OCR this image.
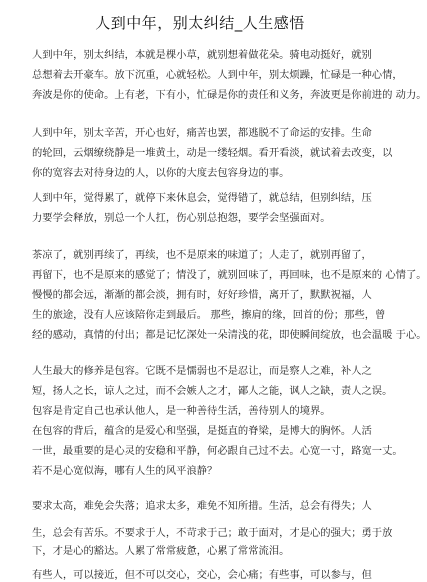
人到中年，别太纠结_人生感悟
人到中年，别太纠结，本就是棵小草，就别想着做花朵。骑电动挺好，就别
总想着去开豪车。放下沉重，心就轻松。人到中年，别太烦躁，忙碌是一种心情，
奔波是你的使命。上有老，下有小，忙碌是你的责任和义务，奔波更是你前进的 动力。
人到中年，别太辛苦，开心也好，痛苦也罢，都逃脱不了命运的安排。生命
的轮回，云烟缭绕静是一堆黄土，动是一缕轻烟。看开看淡，就试着去改变，以
你的宽容去对待身边的人，以你的大度去包容身边的事。
人到中年，觉得累了，就停下来休息会，觉得错了，就总结，但别纠结，压
力要学会释放，别总一个人扛，伤心别总抱怨，要学会坚强面对。
茶凉了，就别再续了，再续，也不是原来的味道了；人走了，就别再留了，
再留下，也不是原来的感觉了；情没了，就别回味了，再回味，也不是原来的 心情了。
慢慢的都会远，渐渐的都会淡，拥有时，好好珍惜，离开了，默默祝福，人
生的旅途，没有人应该陪你走到最后。 那些，擦肩的缘，回首的份；那些，曾
经的感动，真情的付出；都是记忆深处一朵清浅的花，即使瞬间绽放，也会温暖 于心。
人生最大的修养是包容。它既不是懦弱也不是忍让，而是察人之难，补人之
短，扬人之长，谅人之过，而不会嫉人之才，鄙人之能，讽人之缺，责人之误。
包容是肯定自己也承认他人，是一种善待生活，善待别人的境界。
在包容的背后，蕴含的是爱心和坚强，是挺直的脊梁，是博大的胸怀。人活
一世，最重要的是心灵的安稳和平静，何必跟自己过不去。心宽一寸，路宽一丈。
若不是心宽似海，哪有人生的风平浪静？
要求太高，难免会失落；追求太多，难免不知所措。生活，总会有得失；人
生，总会有苦乐。不要求于人，不苛求于己；敢于面对，才是心的强大；勇于放
下，才是心的豁达。人累了常常疲惫，心累了常常流泪。
有些人，可以接近，但不可以交心，交心，会心痛；有些事，可以参与，但
